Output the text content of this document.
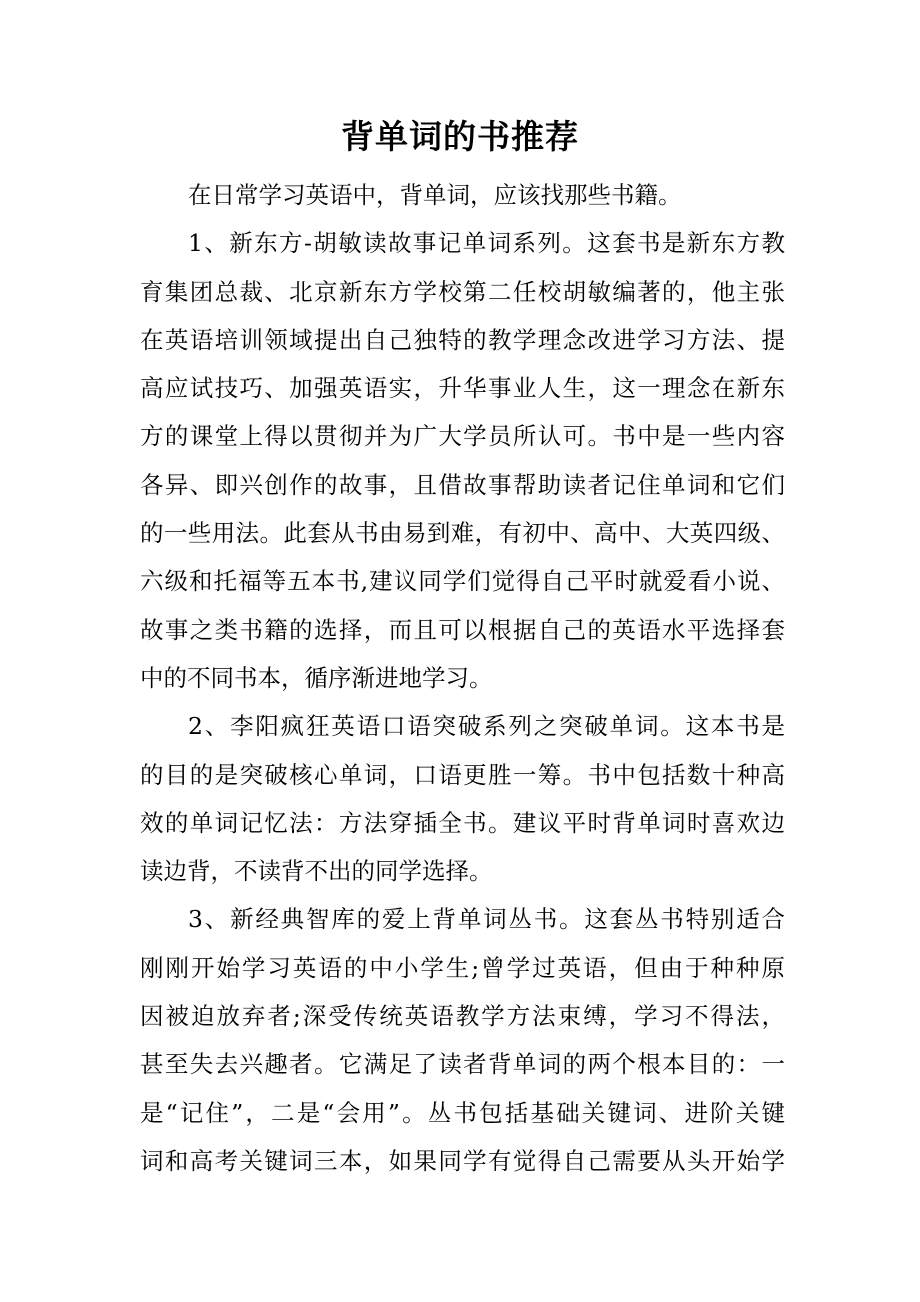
背单词的书推荐
在日常学习英语中，背单词，应该找那些书籍。
1、新东方-胡敏读故事记单词系列。这套书是新东方教
育集团总裁、北京新东方学校第二任校胡敏编著的，他主张
在英语培训领域提出自己独特的教学理念改进学习方法、提
高应试技巧、加强英语实，升华事业人生，这一理念在新东
方的课堂上得以贯彻并为广大学员所认可。书中是一些内容
各异、即兴创作的故事，且借故事帮助读者记住单词和它们
的一些用法。此套从书由易到难，有初中、高中、大英四级、
六级和托福等五本书,建议同学们觉得自己平时就爱看小说、
故事之类书籍的选择，而且可以根据自己的英语水平选择套
中的不同书本，循序渐进地学习。
2、李阳疯狂英语口语突破系列之突破单词。这本书是
的目的是突破核心单词，口语更胜一筹。书中包括数十种高
效的单词记忆法：方法穿插全书。建议平时背单词时喜欢边
读边背，不读背不出的同学选择。
3、新经典智库的爱上背单词丛书。这套丛书特别适合
刚刚开始学习英语的中小学生;曾学过英语，但由于种种原
因被迫放弃者;深受传统英语教学方法束缚，学习不得法，
甚至失去兴趣者。它满足了读者背单词的两个根本目的：一
是“记住”，二是“会用”。丛书包括基础关键词、进阶关键
词和高考关键词三本，如果同学有觉得自己需要从头开始学
